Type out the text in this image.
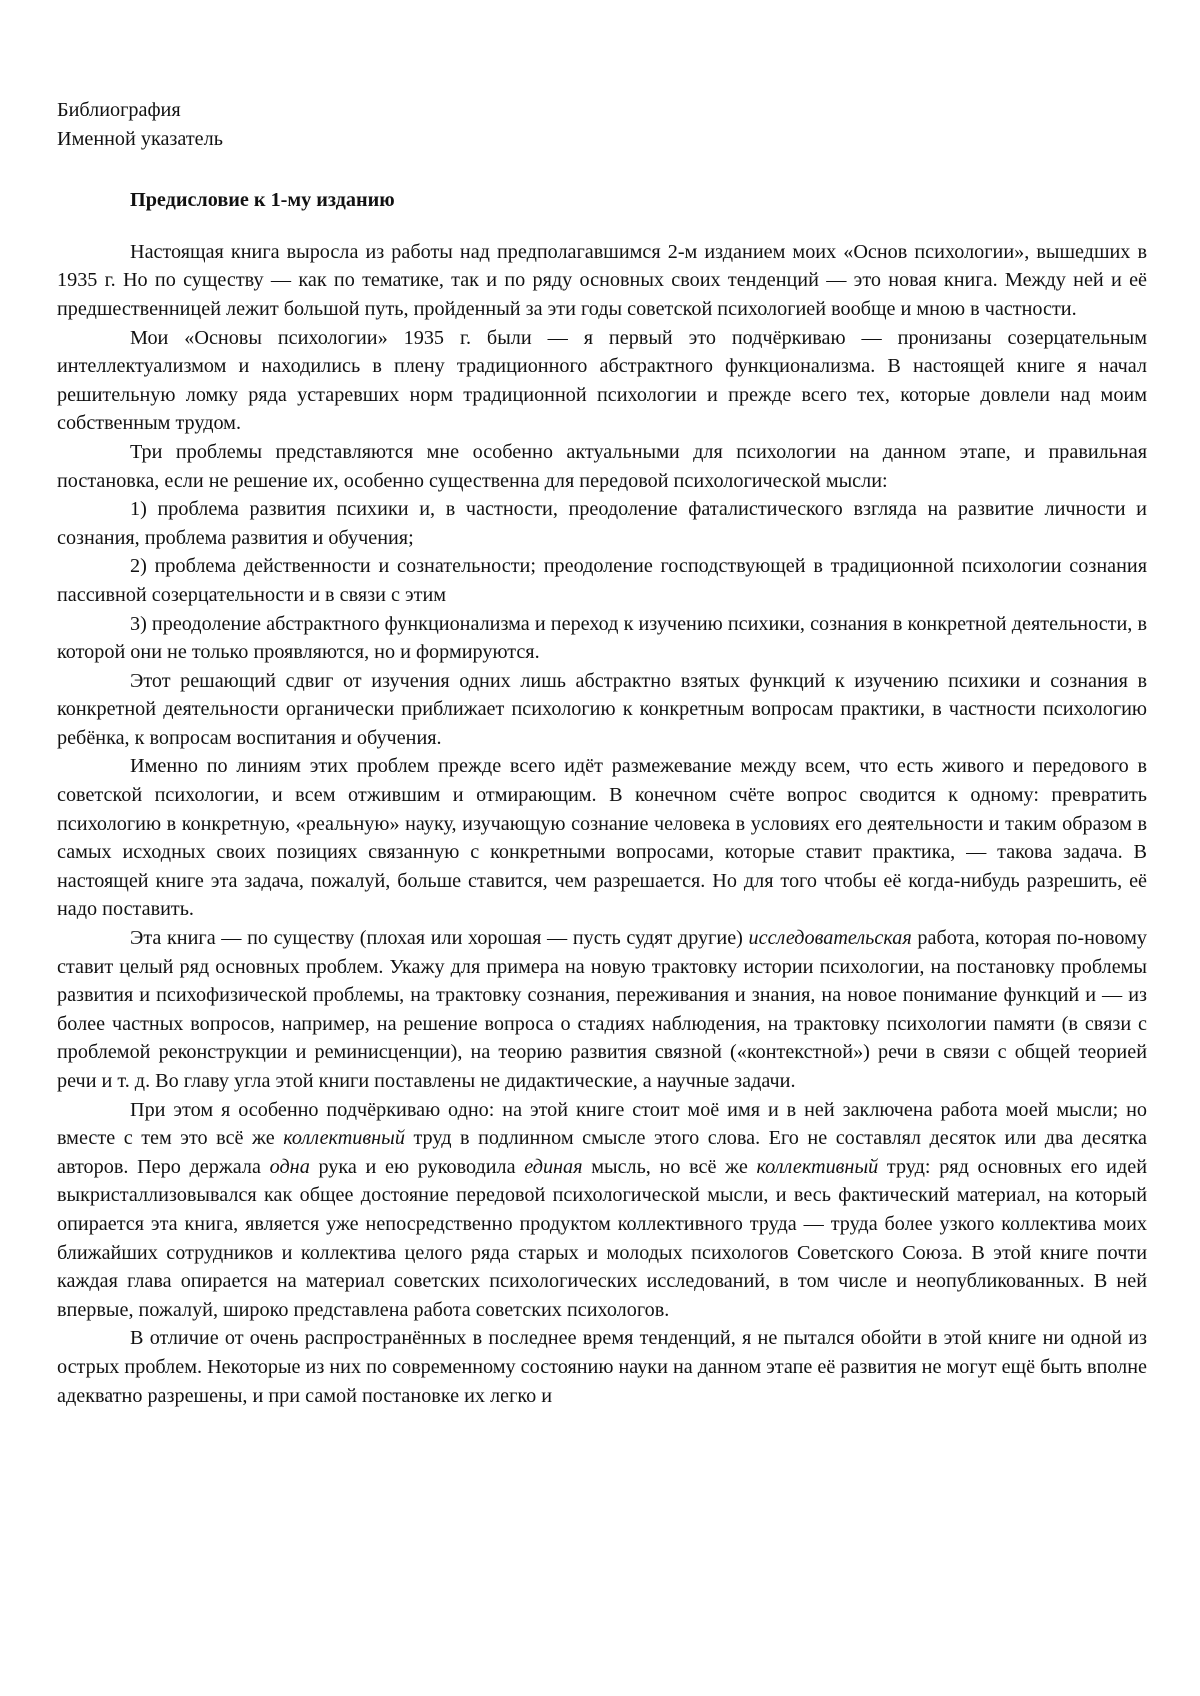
Библиография

Именной указатель

Предисловие к 1-му изданию

Настоящая книга выросла из работы над предполагавшимся 2-м изданием моих «Основ психологии», вышедших в 1935 г. Но по существу — как по тематике, так и по ряду основных своих тенденций — это новая книга. Между ней и её предшественницей лежит большой путь, пройденный за эти годы советской психологией вообще и мною в частности.

Мои «Основы психологии» 1935 г. были — я первый это подчёркиваю — пронизаны созерцательным интеллектуализмом и находились в плену традиционного абстрактного функционализма. В настоящей книге я начал решительную ломку ряда устаревших норм традиционной психологии и прежде всего тех, которые довлели над моим собственным трудом.

Три проблемы представляются мне особенно актуальными для психологии на данном этапе, и правильная постановка, если не решение их, особенно существенна для передовой психологической мысли:

1) проблема развития психики и, в частности, преодоление фаталистического взгляда на развитие личности и сознания, проблема развития и обучения;

2) проблема действенности и сознательности; преодоление господствующей в традиционной психологии сознания пассивной созерцательности и в связи с этим

3) преодоление абстрактного функционализма и переход к изучению психики, сознания в конкретной деятельности, в которой они не только проявляются, но и формируются.

Этот решающий сдвиг от изучения одних лишь абстрактно взятых функций к изучению психики и сознания в конкретной деятельности органически приближает психологию к конкретным вопросам практики, в частности психологию ребёнка, к вопросам воспитания и обучения.

Именно по линиям этих проблем прежде всего идёт размежевание между всем, что есть живого и передового в советской психологии, и всем отжившим и отмирающим. В конечном счёте вопрос сводится к одному: превратить психологию в конкретную, «реальную» науку, изучающую сознание человека в условиях его деятельности и таким образом в самых исходных своих позициях связанную с конкретными вопросами, которые ставит практика, — такова задача. В настоящей книге эта задача, пожалуй, больше ставится, чем разрешается. Но для того чтобы её когда-нибудь разрешить, её надо поставить.

Эта книга — по существу (плохая или хорошая — пусть судят другие) исследовательская работа, которая по-новому ставит целый ряд основных проблем. Укажу для примера на новую трактовку истории психологии, на постановку проблемы развития и психофизической проблемы, на трактовку сознания, переживания и знания, на новое понимание функций и — из более частных вопросов, например, на решение вопроса о стадиях наблюдения, на трактовку психологии памяти (в связи с проблемой реконструкции и реминисценции), на теорию развития связной («контекстной») речи в связи с общей теорией речи и т. д. Во главу угла этой книги поставлены не дидактические, а научные задачи.

При этом я особенно подчёркиваю одно: на этой книге стоит моё имя и в ней заключена работа моей мысли; но вместе с тем это всё же коллективный труд в подлинном смысле этого слова. Его не составлял десяток или два десятка авторов. Перо держала одна рука и ею руководила единая мысль, но всё же коллективный труд: ряд основных его идей выкристаллизовывался как общее достояние передовой психологической мысли, и весь фактический материал, на который опирается эта книга, является уже непосредственно продуктом коллективного труда — труда более узкого коллектива моих ближайших сотрудников и коллектива целого ряда старых и молодых психологов Советского Союза. В этой книге почти каждая глава опирается на материал советских психологических исследований, в том числе и неопубликованных. В ней впервые, пожалуй, широко представлена работа советских психологов.

В отличие от очень распространённых в последнее время тенденций, я не пытался обойти в этой книге ни одной из острых проблем. Некоторые из них по современному состоянию науки на данном этапе её развития не могут ещё быть вполне адекватно разрешены, и при самой постановке их легко и
